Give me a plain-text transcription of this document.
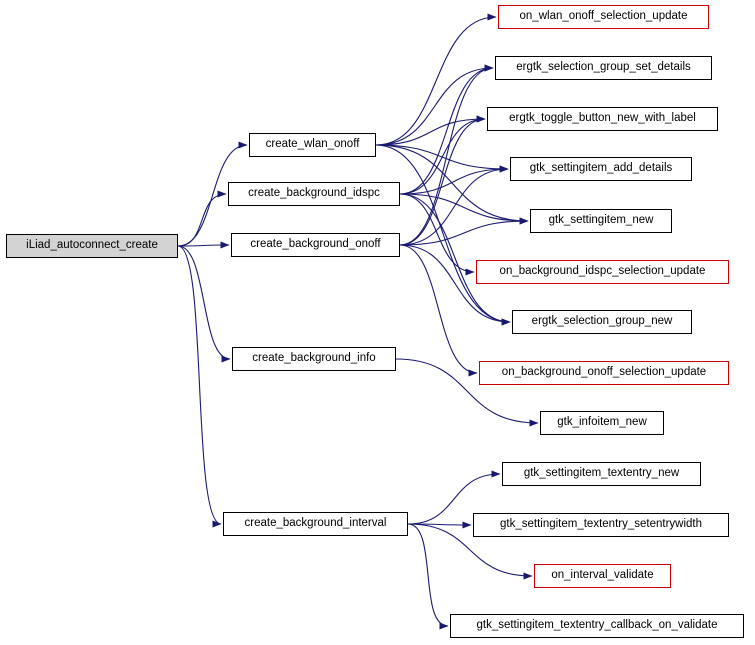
iLiad_autoconnect_create
create_wlan_onoff
create_background_idspc
create_background_onoff
create_background_info
create_background_interval
on_wlan_onoff_selection_update
ergtk_selection_group_set_details
ergtk_toggle_button_new_with_label
gtk_settingitem_add_details
gtk_settingitem_new
on_background_idspc_selection_update
ergtk_selection_group_new
on_background_onoff_selection_update
gtk_infoitem_new
gtk_settingitem_textentry_new
gtk_settingitem_textentry_setentrywidth
on_interval_validate
gtk_settingitem_textentry_callback_on_validate
